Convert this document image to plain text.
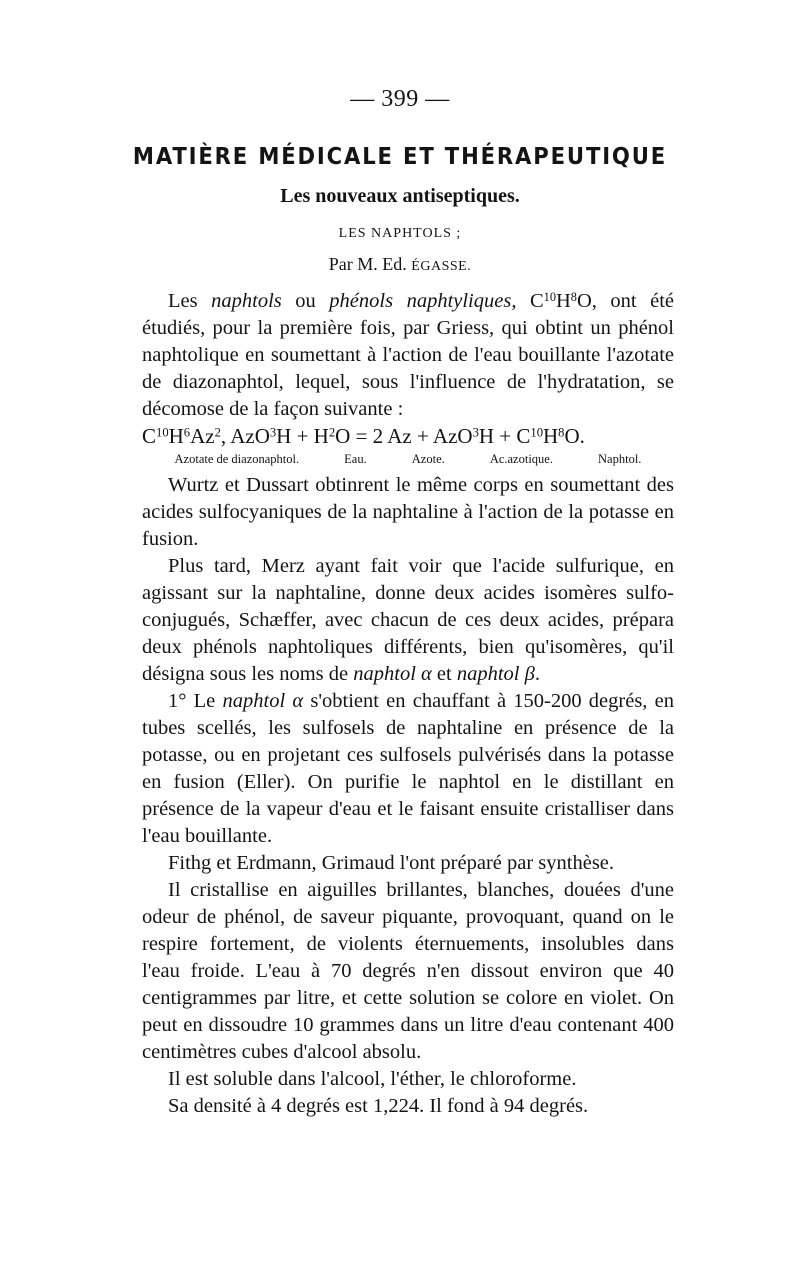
— 399 —
MATIÈRE MÉDICALE ET THÉRAPEUTIQUE
Les nouveaux antiseptiques.
LES NAPHTOLS ;
Par M. Ed. ÉGASSE.

Les naphtols ou phénols naphtyliques, $C^{10}H^8O$, ont été étudiés, pour la première fois, par Griess, qui obtint un phénol naphtolique en soumettant à l'action de l'eau bouillante l'azotate de diazonaphtol, lequel, sous l'influence de l'hydratation, se décomose de la façon suivante :

$C^{10}H^6Az^2$, $AzO^3H + H^2O = 2$ $Az + AzO^3H + C^{10}H^8O$.

Azotate de diazonaphtol.	Eau.	Azote.	Ac.azotique.	Naphtol.

Wurtz et Dussart obtinrent le même corps en soumettant des acides sulfocyaniques de la naphtaline à l'action de la potasse en fusion.

Plus tard, Merz ayant fait voir que l'acide sulfurique, en agissant sur la naphtaline, donne deux acides isomères sulfo-conjugués, Schæffer, avec chacun de ces deux acides, prépara deux phénols naphtoliques différents, bien qu'isomères, qu'il désigna sous les noms de naphtol α et naphtol β.

1° Le naphtol α s'obtient en chauffant à 150-200 degrés, en tubes scellés, les sulfosels de naphtaline en présence de la potasse, ou en projetant ces sulfosels pulvérisés dans la potasse en fusion (Eller). On purifie le naphtol en le distillant en présence de la vapeur d'eau et le faisant ensuite cristalliser dans l'eau bouillante.

Fithg et Erdmann, Grimaud l'ont préparé par synthèse.

Il cristallise en aiguilles brillantes, blanches, douées d'une odeur de phénol, de saveur piquante, provoquant, quand on le respire fortement, de violents éternuements, insolubles dans l'eau froide. L'eau à 70 degrés n'en dissout environ que 40 centigrammes par litre, et cette solution se colore en violet. On peut en dissoudre 10 grammes dans un litre d'eau contenant 400 centimètres cubes d'alcool absolu.

Il est soluble dans l'alcool, l'éther, le chloroforme.

Sa densité à 4 degrés est 1,224. Il fond à 94 degrés.
